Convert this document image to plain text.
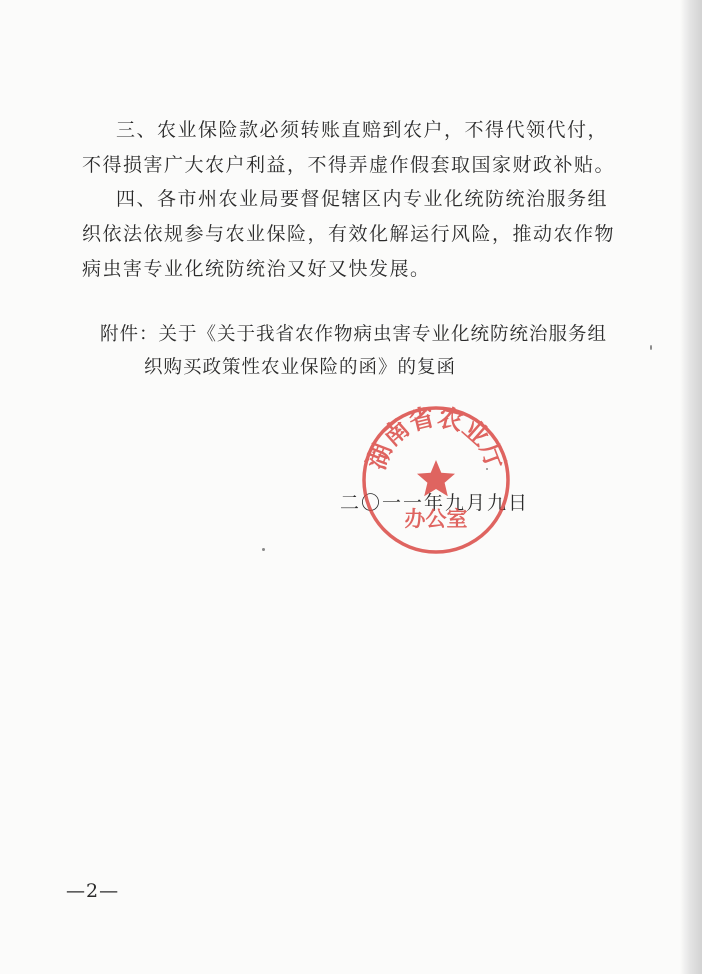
三、农业保险款必须转账直赔到农户，不得代领代付，不得损害广大农户利益，不得弄虚作假套取国家财政补贴。

四、各市州农业局要督促辖区内专业化统防统治服务组织依法依规参与农业保险，有效化解运行风险，推动农作物病虫害专业化统防统治又好又快发展。

附件：关于《关于我省农作物病虫害专业化统防统治服务组
织购买政策性农业保险的函》的复函
二〇一一年九月九日
湖南省农业厅
办公室
—2—
